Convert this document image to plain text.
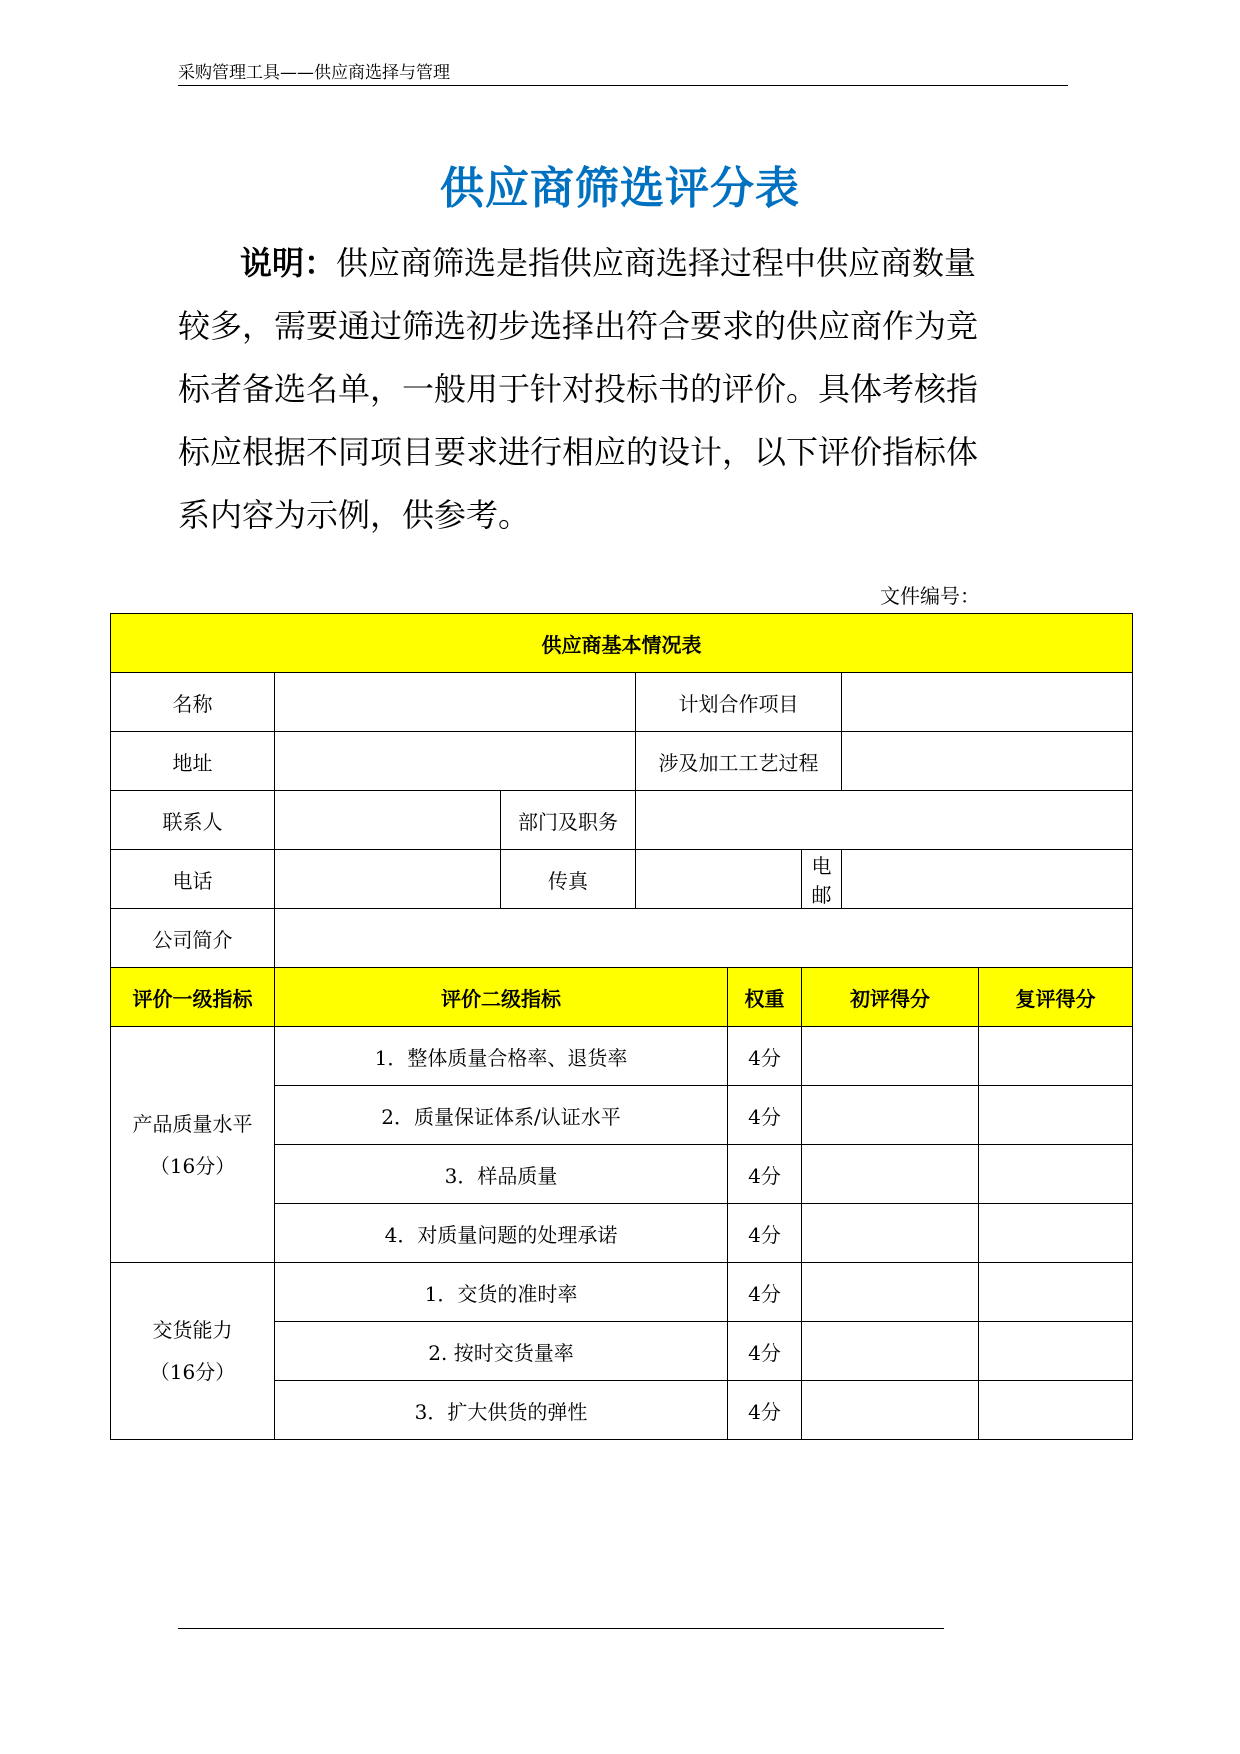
采购管理工具——供应商选择与管理
供应商筛选评分表
说明：供应商筛选是指供应商选择过程中供应商数量较多，需要通过筛选初步选择出符合要求的供应商作为竞标者备选名单，一般用于针对投标书的评价。具体考核指标应根据不同项目要求进行相应的设计，以下评价指标体系内容为示例，供参考。
文件编号：
供应商基本情况表							
名称			计划合作项目				
地址			涉及加工工艺过程				
联系人		部门及职务					
电话		传真			电邮		
公司简介							
评价一级指标	评价二级指标			权重	初评得分		复评得分
产品质量水平
（16分）	1．整体质量合格率、退货率			4分			
	2．质量保证体系/认证水平			4分			
	3．样品质量			4分			
	4．对质量问题的处理承诺			4分			
交货能力
（16分）	1．交货的准时率			4分			
	2. 按时交货量率			4分			
	3．扩大供货的弹性			4分			
